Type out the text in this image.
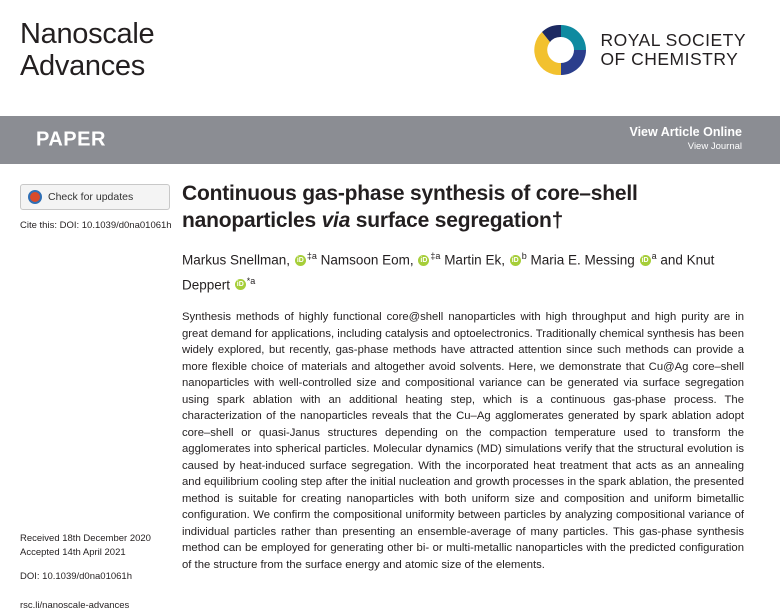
Nanoscale
Advances
ROYAL SOCIETY
OF CHEMISTRY
PAPER	View Article Online
View Journal
Check for updates
Cite this: DOI: 10.1039/d0na01061h
Received 18th December 2020
Accepted 14th April 2021
DOI: 10.1039/d0na01061h
rsc.li/nanoscale-advances
Continuous gas-phase synthesis of core–shell nanoparticles via surface segregation†
Markus Snellman, iD $^{\ddagger a}$ Namsoon Eom, iD $^{\ddagger a}$ Martin Ek, iD $^b$ Maria E. Messing iD $^a$ and Knut Deppert iD $^{*a}$
Synthesis methods of highly functional core@shell nanoparticles with high throughput and high purity are in great demand for applications, including catalysis and optoelectronics. Traditionally chemical synthesis has been widely explored, but recently, gas-phase methods have attracted attention since such methods can provide a more flexible choice of materials and altogether avoid solvents. Here, we demonstrate that Cu@Ag core–shell nanoparticles with well-controlled size and compositional variance can be generated via surface segregation using spark ablation with an additional heating step, which is a continuous gas-phase process. The characterization of the nanoparticles reveals that the Cu–Ag agglomerates generated by spark ablation adopt core–shell or quasi-Janus structures depending on the compaction temperature used to transform the agglomerates into spherical particles. Molecular dynamics (MD) simulations verify that the structural evolution is caused by heat-induced surface segregation. With the incorporated heat treatment that acts as an annealing and equilibrium cooling step after the initial nucleation and growth processes in the spark ablation, the presented method is suitable for creating nanoparticles with both uniform size and composition and uniform bimetallic configuration. We confirm the compositional uniformity between particles by analyzing compositional variance of individual particles rather than presenting an ensemble-average of many particles. This gas-phase synthesis method can be employed for generating other bi- or multi-metallic nanoparticles with the predicted configuration of the structure from the surface energy and atomic size of the elements.
